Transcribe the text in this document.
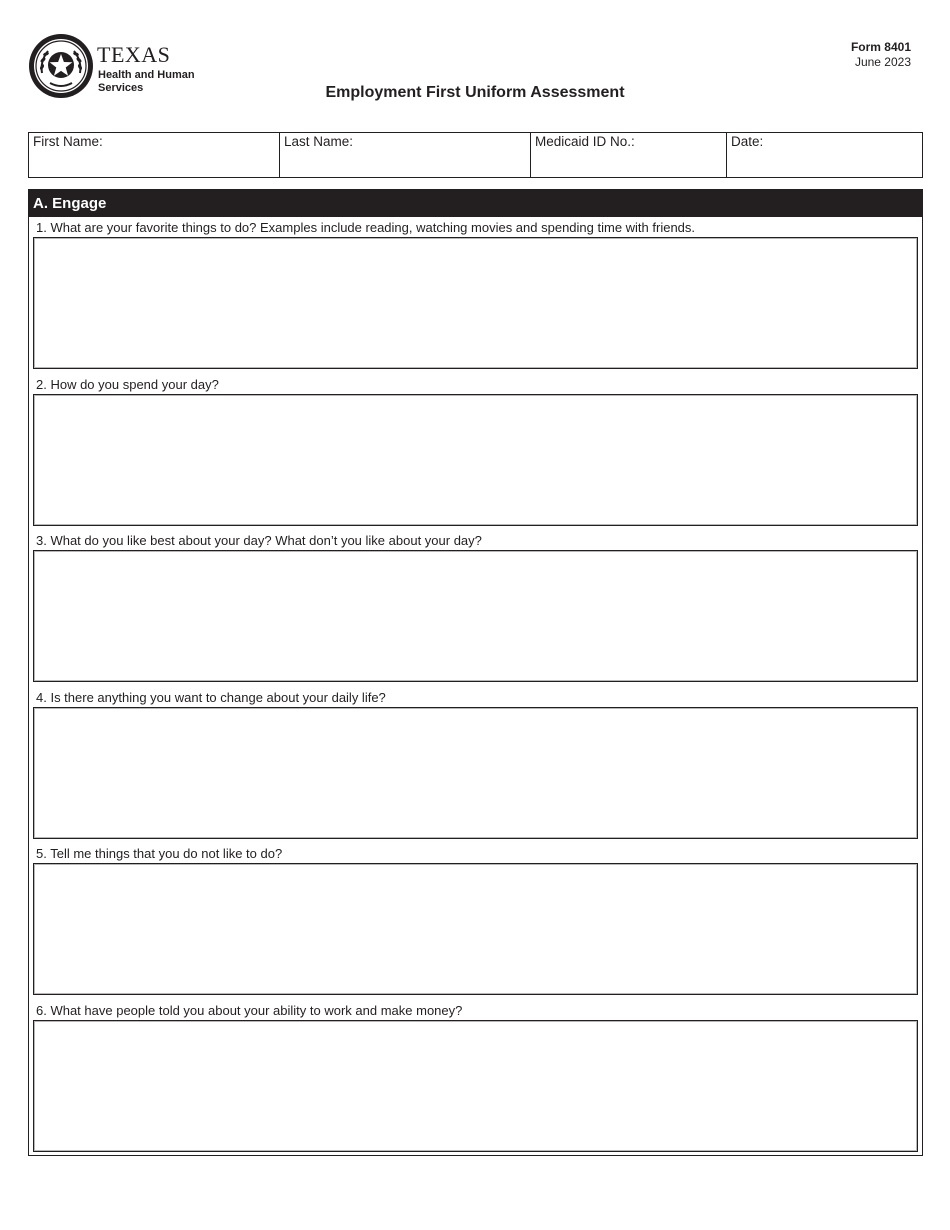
TEXAS
Health and Human
Services
Form 8401
June 2023
Employment First Uniform Assessment
First Name:	Last Name:	Medicaid ID No.:	Date:
A. Engage
1. What are your favorite things to do? Examples include reading, watching movies and spending time with friends.
2. How do you spend your day?
3. What do you like best about your day? What don’t you like about your day?
4. Is there anything you want to change about your daily life?
5. Tell me things that you do not like to do?
6. What have people told you about your ability to work and make money?
